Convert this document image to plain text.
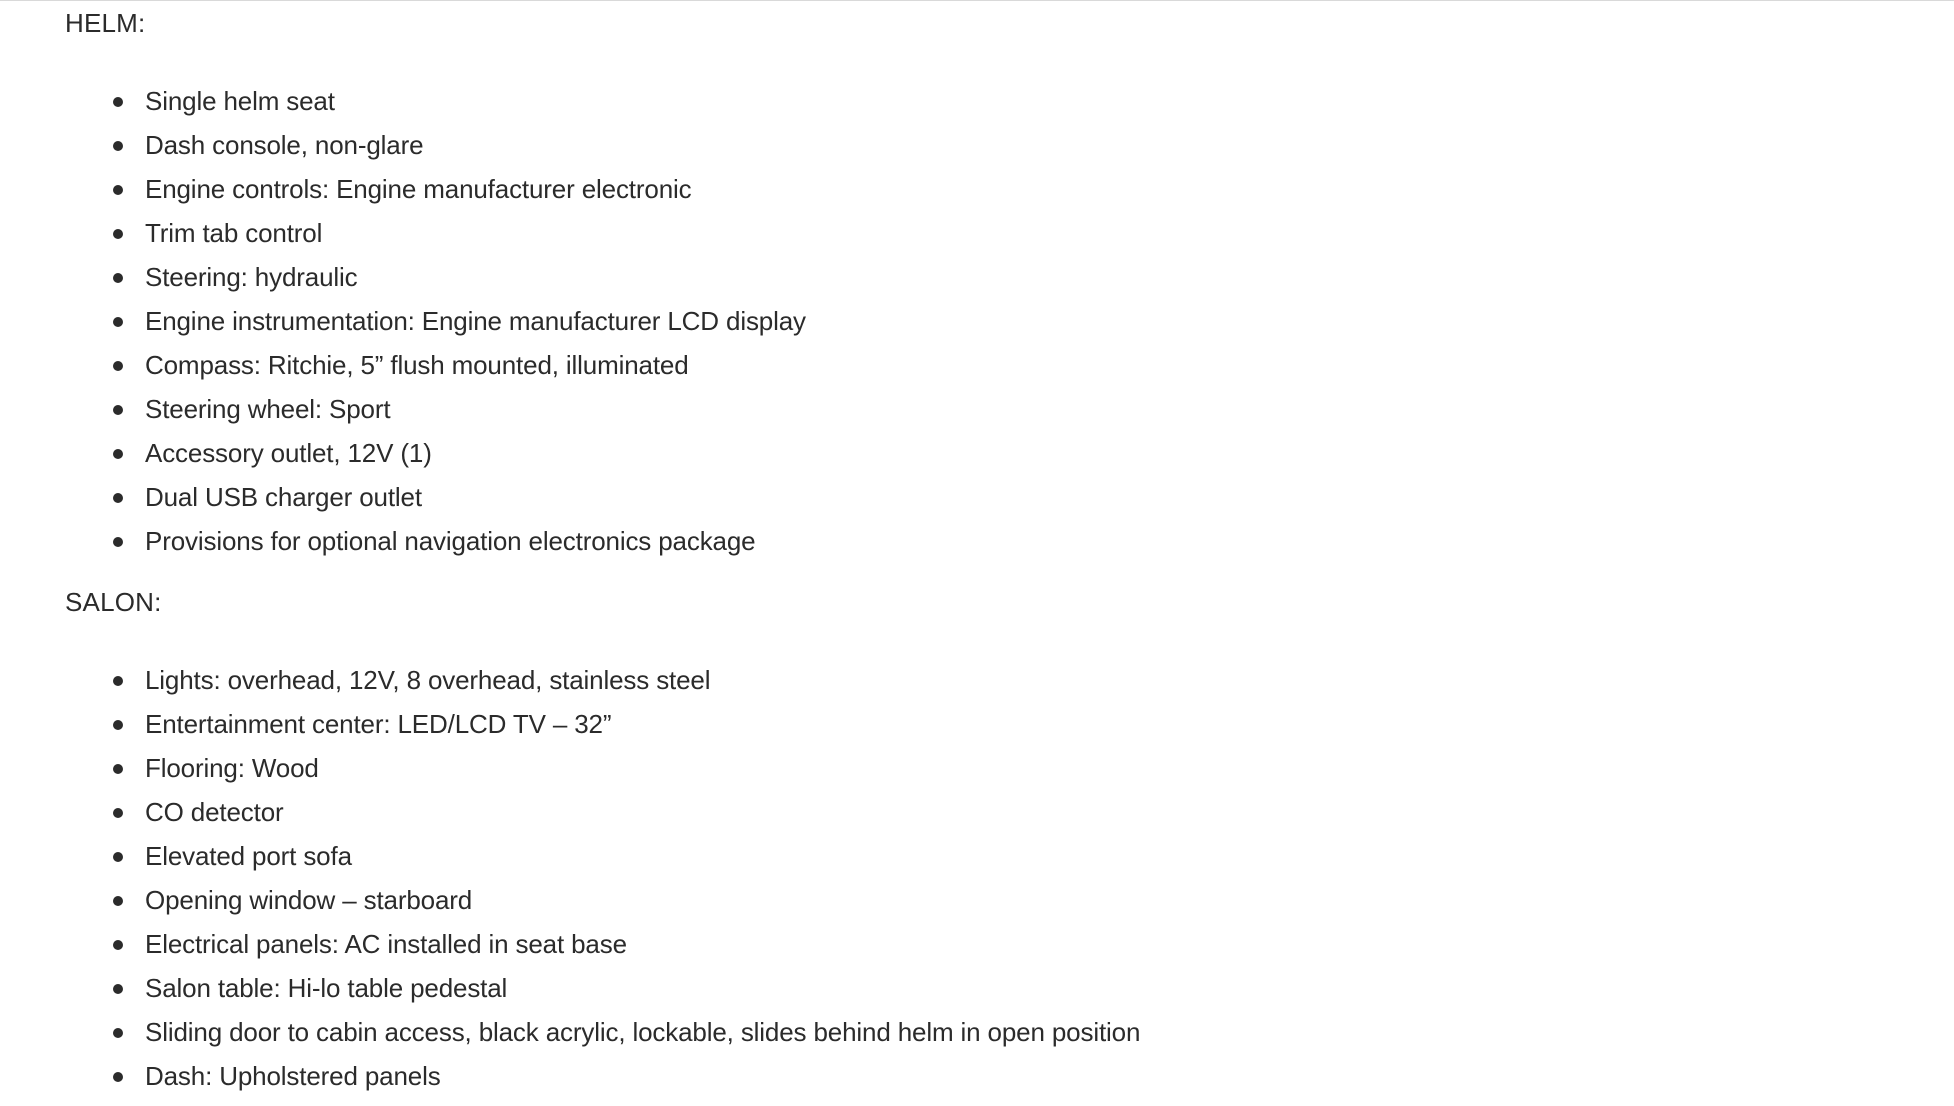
HELM:

Single helm seat
Dash console, non-glare
Engine controls: Engine manufacturer electronic
Trim tab control
Steering: hydraulic
Engine instrumentation: Engine manufacturer LCD display
Compass: Ritchie, 5” flush mounted, illuminated
Steering wheel: Sport
Accessory outlet, 12V (1)
Dual USB charger outlet
Provisions for optional navigation electronics package

SALON:

Lights: overhead, 12V, 8 overhead, stainless steel
Entertainment center: LED/LCD TV – 32”
Flooring: Wood
CO detector
Elevated port sofa
Opening window – starboard
Electrical panels: AC installed in seat base
Salon table: Hi-lo table pedestal
Sliding door to cabin access, black acrylic, lockable, slides behind helm in open position
Dash: Upholstered panels
